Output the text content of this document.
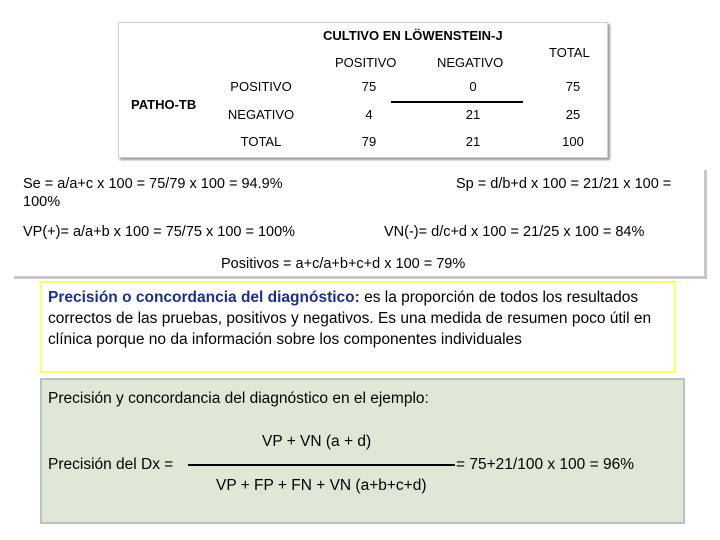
CULTIVO EN LÖWENSTEIN-J
POSITIVO	NEGATIVO
TOTAL
PATHO-TB
POSITIVO	75	0	75
NEGATIVO	4	21	25
TOTAL	79	21	100
Se = a/a+c x 100 = 75/79 x 100 = 94.9%
100%
Sp = d/b+d x 100 = 21/21 x 100 =
VP(+)= a/a+b x 100 = 75/75 x 100 = 100%	VN(-)= d/c+d x 100 = 21/25 x 100 = 84%
Positivos = a+c/a+b+c+d x 100 = 79%
Precisión o concordancia del diagnóstico: es la proporción de todos los resultados correctos de las pruebas, positivos y negativos. Es una medida de resumen poco útil en clínica porque no da información sobre los componentes individuales
Precisión y concordancia del diagnóstico en el ejemplo:
VP + VN (a + d)
Precisión del Dx =	= 75+21/100 x 100 = 96%
VP + FP + FN + VN (a+b+c+d)
